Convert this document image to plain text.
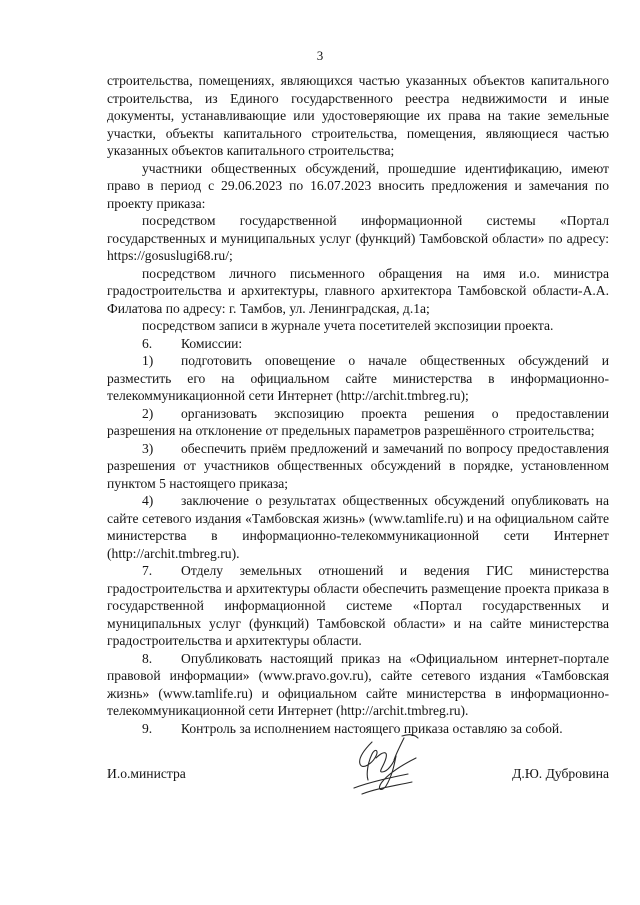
3

строительства, помещениях, являющихся частью указанных объектов капитального строительства, из Единого государственного реестра недвижимости и иные документы, устанавливающие или удостоверяющие их права на такие земельные участки, объекты капитального строительства, помещения, являющиеся частью указанных объектов капитального строительства;

участники общественных обсуждений, прошедшие идентификацию, имеют право в период с 29.06.2023 по 16.07.2023 вносить предложения и замечания по проекту приказа:

посредством государственной информационной системы «Портал государственных и муниципальных услуг (функций) Тамбовской области» по адресу: https://gosuslugi68.ru/;

посредством личного письменного обращения на имя и.о. министра градостроительства и архитектуры, главного архитектора Тамбовской области-А.А. Филатова по адресу: г. Тамбов, ул. Ленинградская, д.1а;

посредством записи в журнале учета посетителей экспозиции проекта.

6. Комиссии:

1) подготовить оповещение о начале общественных обсуждений и разместить его на официальном сайте министерства в информационно-телекоммуникационной сети Интернет (http://archit.tmbreg.ru);

2) организовать экспозицию проекта решения о предоставлении разрешения на отклонение от предельных параметров разрешённого строительства;

3) обеспечить приём предложений и замечаний по вопросу предоставления разрешения от участников общественных обсуждений в порядке, установленном пунктом 5 настоящего приказа;

4) заключение о результатах общественных обсуждений опубликовать на сайте сетевого издания «Тамбовская жизнь» (www.tamlife.ru) и на официальном сайте министерства в информационно-телекоммуникационной сети Интернет (http://archit.tmbreg.ru).

7. Отделу земельных отношений и ведения ГИС министерства градостроительства и архитектуры области обеспечить размещение проекта приказа в государственной информационной системе «Портал государственных и муниципальных услуг (функций) Тамбовской области» и на сайте министерства градостроительства и архитектуры области.

8. Опубликовать настоящий приказ на «Официальном интернет-портале правовой информации» (www.pravo.gov.ru), сайте сетевого издания «Тамбовская жизнь» (www.tamlife.ru) и официальном сайте министерства в информационно-телекоммуникационной сети Интернет (http://archit.tmbreg.ru).

9. Контроль за исполнением настоящего приказа оставляю за собой.

И.о.министра	Д.Ю. Дубровина
